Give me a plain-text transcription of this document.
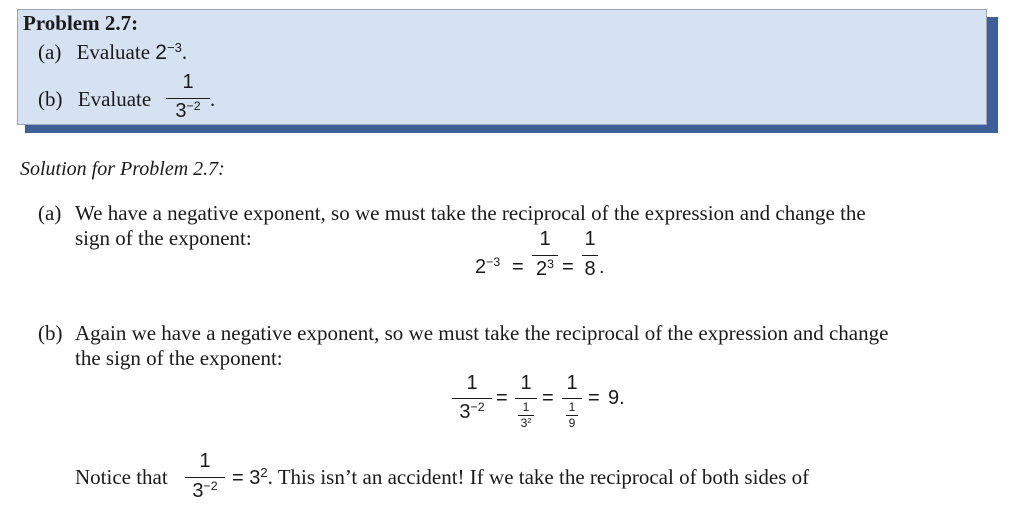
Problem 2.7:
(a) Evaluate $2^{-3}$.
(b) Evaluate
1
$3^{-2}$ .
Solution for Problem 2.7:
(a) We have a negative exponent, so we must take the reciprocal of the expression and change the
sign of the exponent:
$2^{-3}$ =
1
$2^3$ =
1
8 .
(b) Again we have a negative exponent, so we must take the reciprocal of the expression and change
the sign of the exponent:
1
$3^{-2}$ =
1
1
$3^2$
=
1
1
9
= 9.
Notice that
1
$3^{-2} = 3^2$. This isn’t an accident! If we take the reciprocal of both sides of
